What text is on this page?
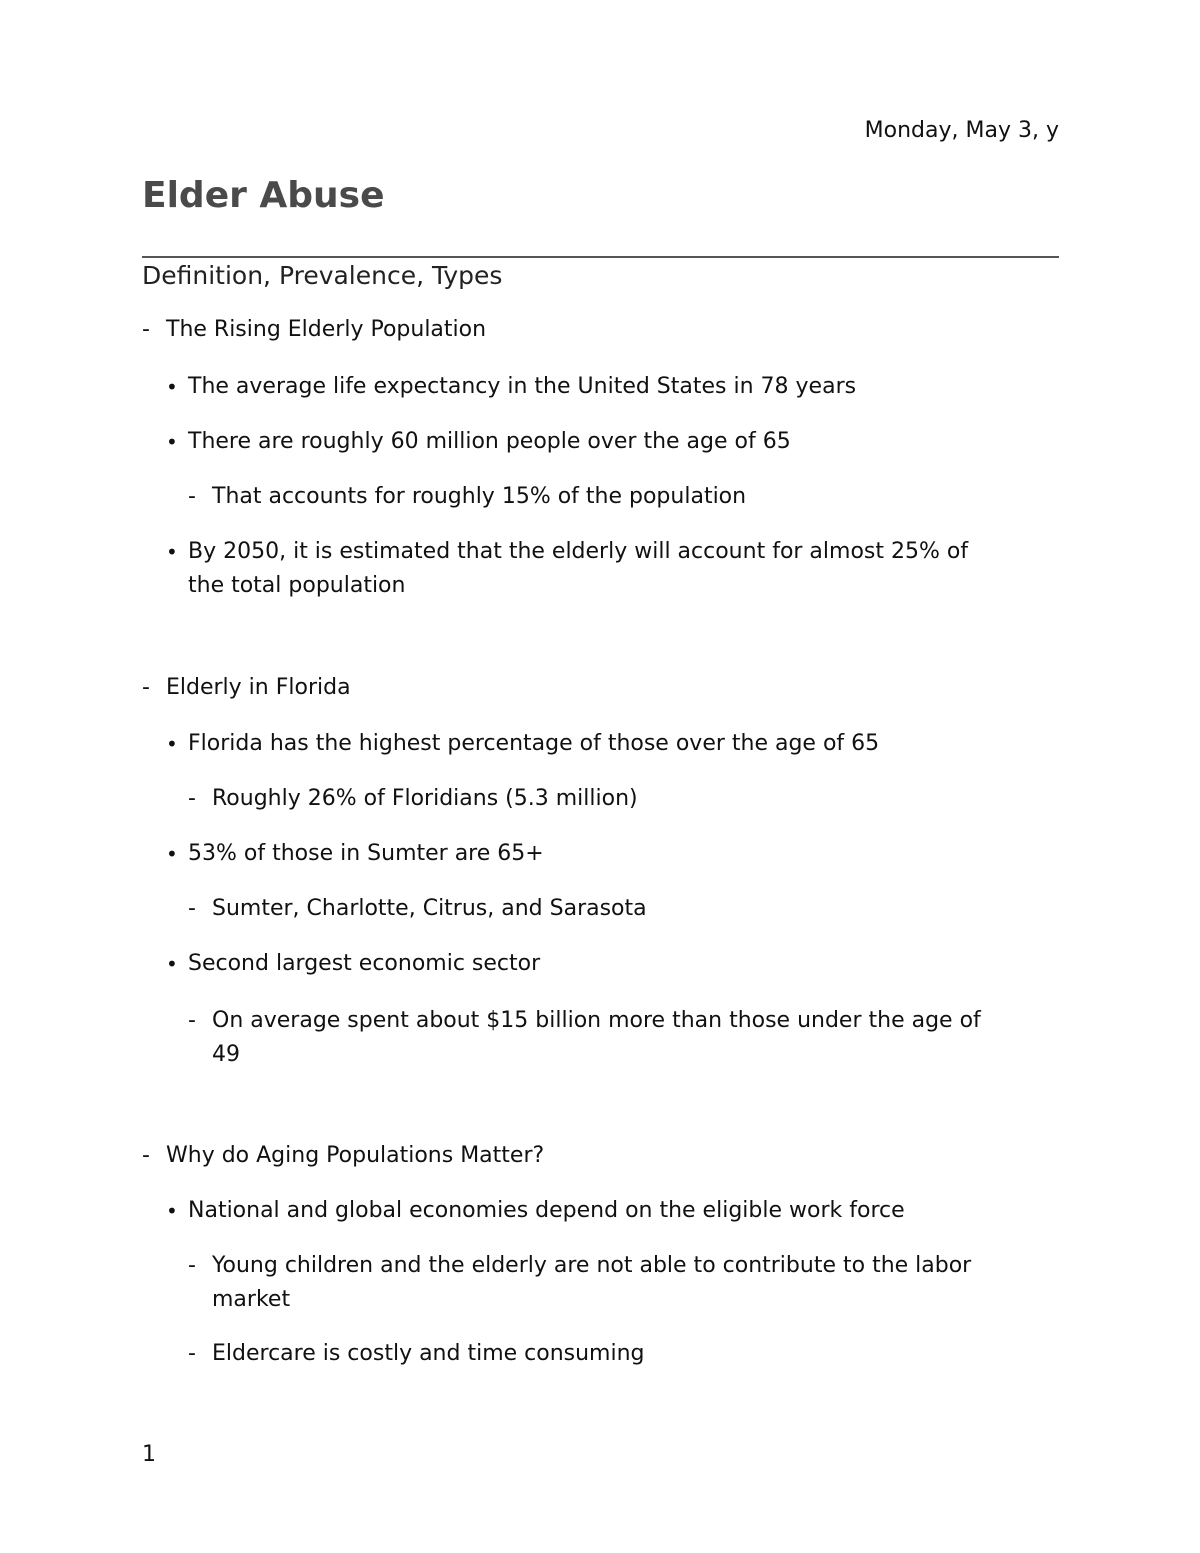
Monday, May 3, y
Elder Abuse
Definition, Prevalence, Types
- The Rising Elderly Population
• The average life expectancy in the United States in 78 years
• There are roughly 60 million people over the age of 65
- That accounts for roughly 15% of the population
• By 2050, it is estimated that the elderly will account for almost 25% of
the total population
- Elderly in Florida
• Florida has the highest percentage of those over the age of 65
- Roughly 26% of Floridians (5.3 million)
• 53% of those in Sumter are 65+
- Sumter, Charlotte, Citrus, and Sarasota
• Second largest economic sector
- On average spent about $15 billion more than those under the age of
49
- Why do Aging Populations Matter?
• National and global economies depend on the eligible work force
- Young children and the elderly are not able to contribute to the labor
market
- Eldercare is costly and time consuming
1
